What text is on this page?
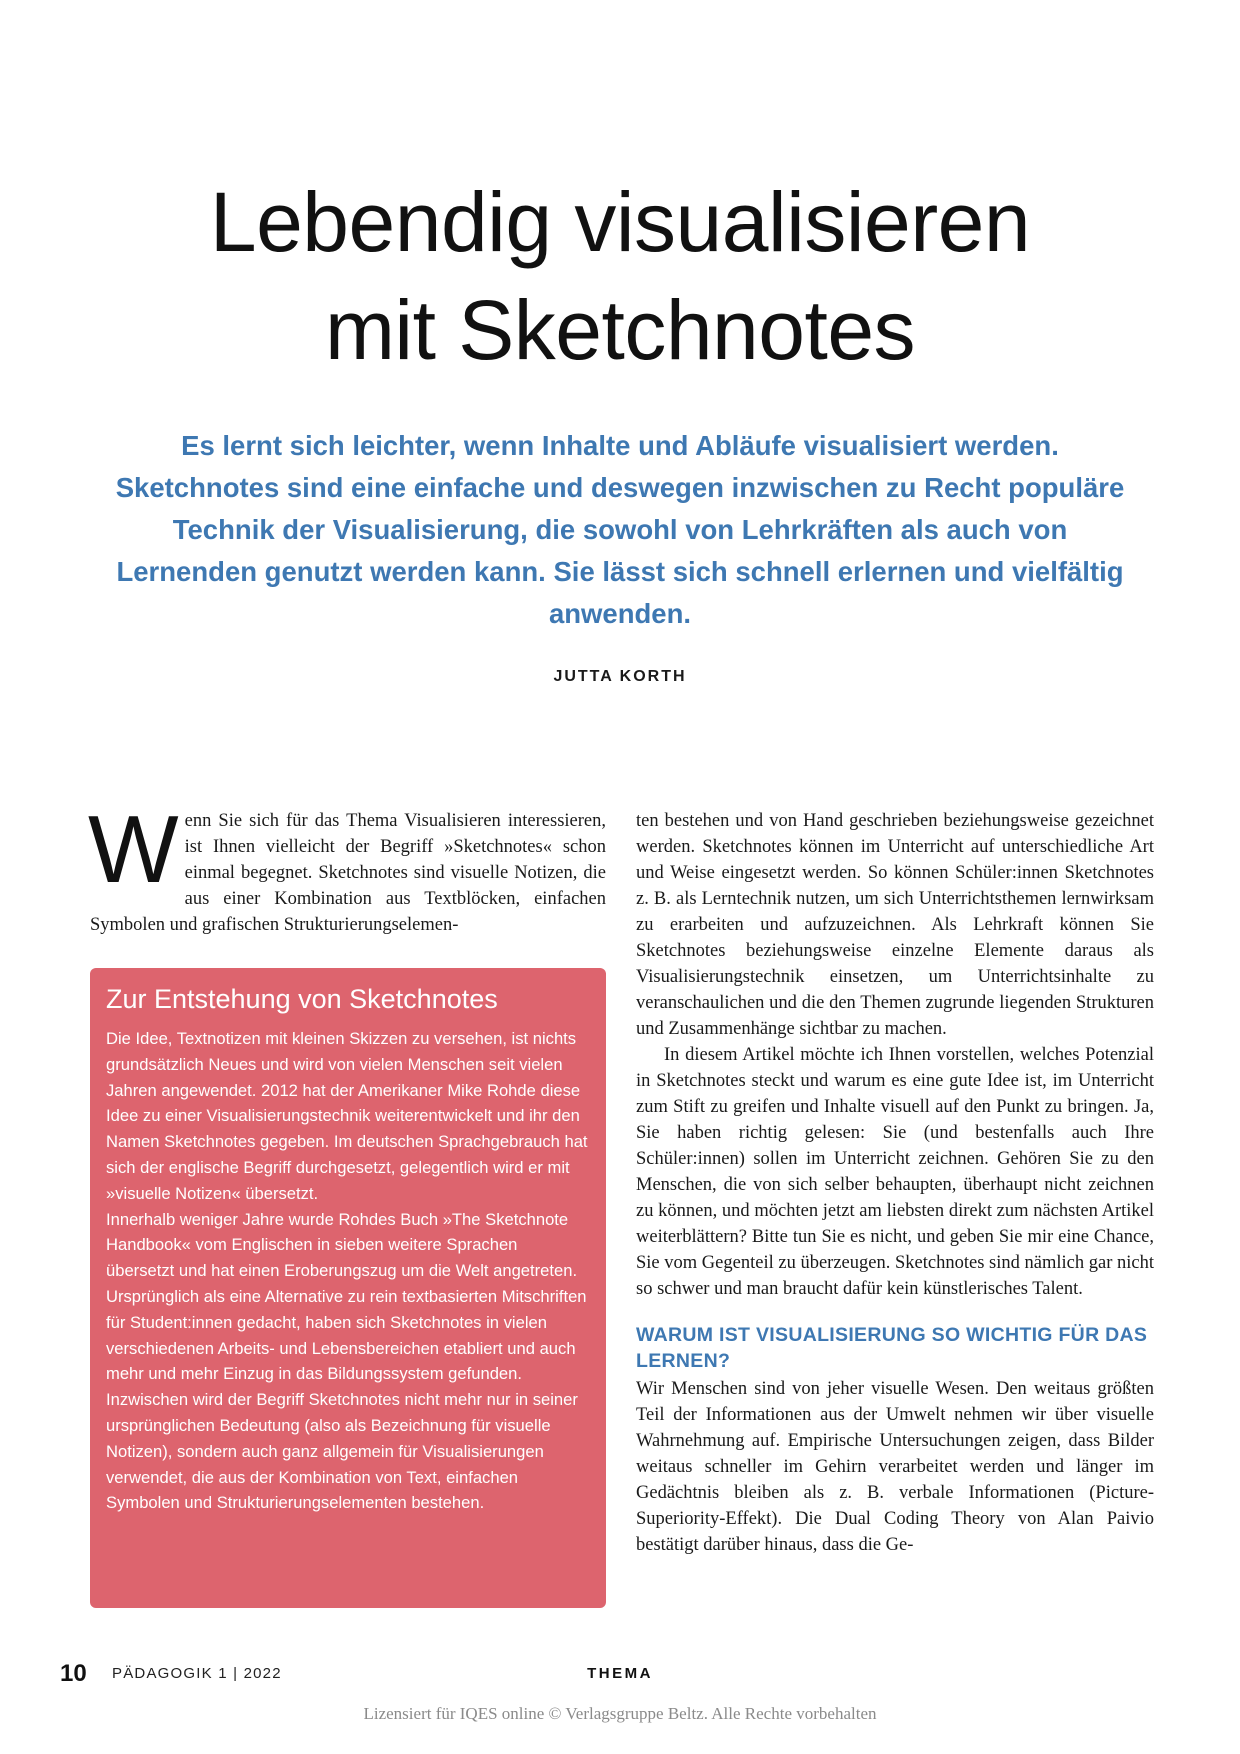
Lebendig visualisieren
mit Sketchnotes

Es lernt sich leichter, wenn Inhalte und Abläufe visualisiert werden. Sketchnotes sind eine einfache und deswegen inzwischen zu Recht populäre Technik der Visualisierung, die sowohl von Lehrkräften als auch von Lernenden genutzt werden kann. Sie lässt sich schnell erlernen und vielfältig anwenden.

JUTTA KORTH

W enn Sie sich für das Thema Visualisieren interessieren, ist Ihnen vielleicht der Begriff »Sketchnotes« schon einmal begegnet. Sketchnotes sind visuelle Notizen, die aus einer Kombination aus Textblöcken, einfachen Symbolen und grafischen Strukturierungselemen-

Zur Entstehung von Sketchnotes

Die Idee, Textnotizen mit kleinen Skizzen zu versehen, ist nichts grundsätzlich Neues und wird von vielen Menschen seit vielen Jahren angewendet. 2012 hat der Amerikaner Mike Rohde diese Idee zu einer Visualisierungstechnik weiterentwickelt und ihr den Namen Sketchnotes gegeben. Im deutschen Sprachgebrauch hat sich der englische Begriff durchgesetzt, gelegentlich wird er mit »visuelle Notizen« übersetzt.

Innerhalb weniger Jahre wurde Rohdes Buch »The Sketchnote Handbook« vom Englischen in sieben weitere Sprachen übersetzt und hat einen Eroberungszug um die Welt angetreten. Ursprünglich als eine Alternative zu rein textbasierten Mitschriften für Student:innen gedacht, haben sich Sketchnotes in vielen verschiedenen Arbeits- und Lebensbereichen etabliert und auch mehr und mehr Einzug in das Bildungssystem gefunden.

Inzwischen wird der Begriff Sketchnotes nicht mehr nur in seiner ursprünglichen Bedeutung (also als Bezeichnung für visuelle Notizen), sondern auch ganz allgemein für Visualisierungen verwendet, die aus der Kombination von Text, einfachen Symbolen und Strukturierungselementen bestehen.

ten bestehen und von Hand geschrieben beziehungsweise gezeichnet werden. Sketchnotes können im Unterricht auf unterschiedliche Art und Weise eingesetzt werden. So können Schüler:innen Sketchnotes z. B. als Lerntechnik nutzen, um sich Unterrichtsthemen lernwirksam zu erarbeiten und aufzuzeichnen. Als Lehrkraft können Sie Sketchnotes beziehungsweise einzelne Elemente daraus als Visualisierungstechnik einsetzen, um Unterrichtsinhalte zu veranschaulichen und die den Themen zugrunde liegenden Strukturen und Zusammenhänge sichtbar zu machen.

In diesem Artikel möchte ich Ihnen vorstellen, welches Potenzial in Sketchnotes steckt und warum es eine gute Idee ist, im Unterricht zum Stift zu greifen und Inhalte visuell auf den Punkt zu bringen. Ja, Sie haben richtig gelesen: Sie (und bestenfalls auch Ihre Schüler:innen) sollen im Unterricht zeichnen. Gehören Sie zu den Menschen, die von sich selber behaupten, überhaupt nicht zeichnen zu können, und möchten jetzt am liebsten direkt zum nächsten Artikel weiterblättern? Bitte tun Sie es nicht, und geben Sie mir eine Chance, Sie vom Gegenteil zu überzeugen. Sketchnotes sind nämlich gar nicht so schwer und man braucht dafür kein künstlerisches Talent.

WARUM IST VISUALISIERUNG SO WICHTIG FÜR DAS LERNEN?

Wir Menschen sind von jeher visuelle Wesen. Den weitaus größten Teil der Informationen aus der Umwelt nehmen wir über visuelle Wahrnehmung auf. Empirische Untersuchungen zeigen, dass Bilder weitaus schneller im Gehirn verarbeitet werden und länger im Gedächtnis bleiben als z. B. verbale Informationen (Picture-Superiority-Effekt). Die Dual Coding Theory von Alan Paivio bestätigt darüber hinaus, dass die Ge-

10 PÄDAGOGIK 1 | 2022	THEMA
Lizensiert für IQES online © Verlagsgruppe Beltz. Alle Rechte vorbehalten
